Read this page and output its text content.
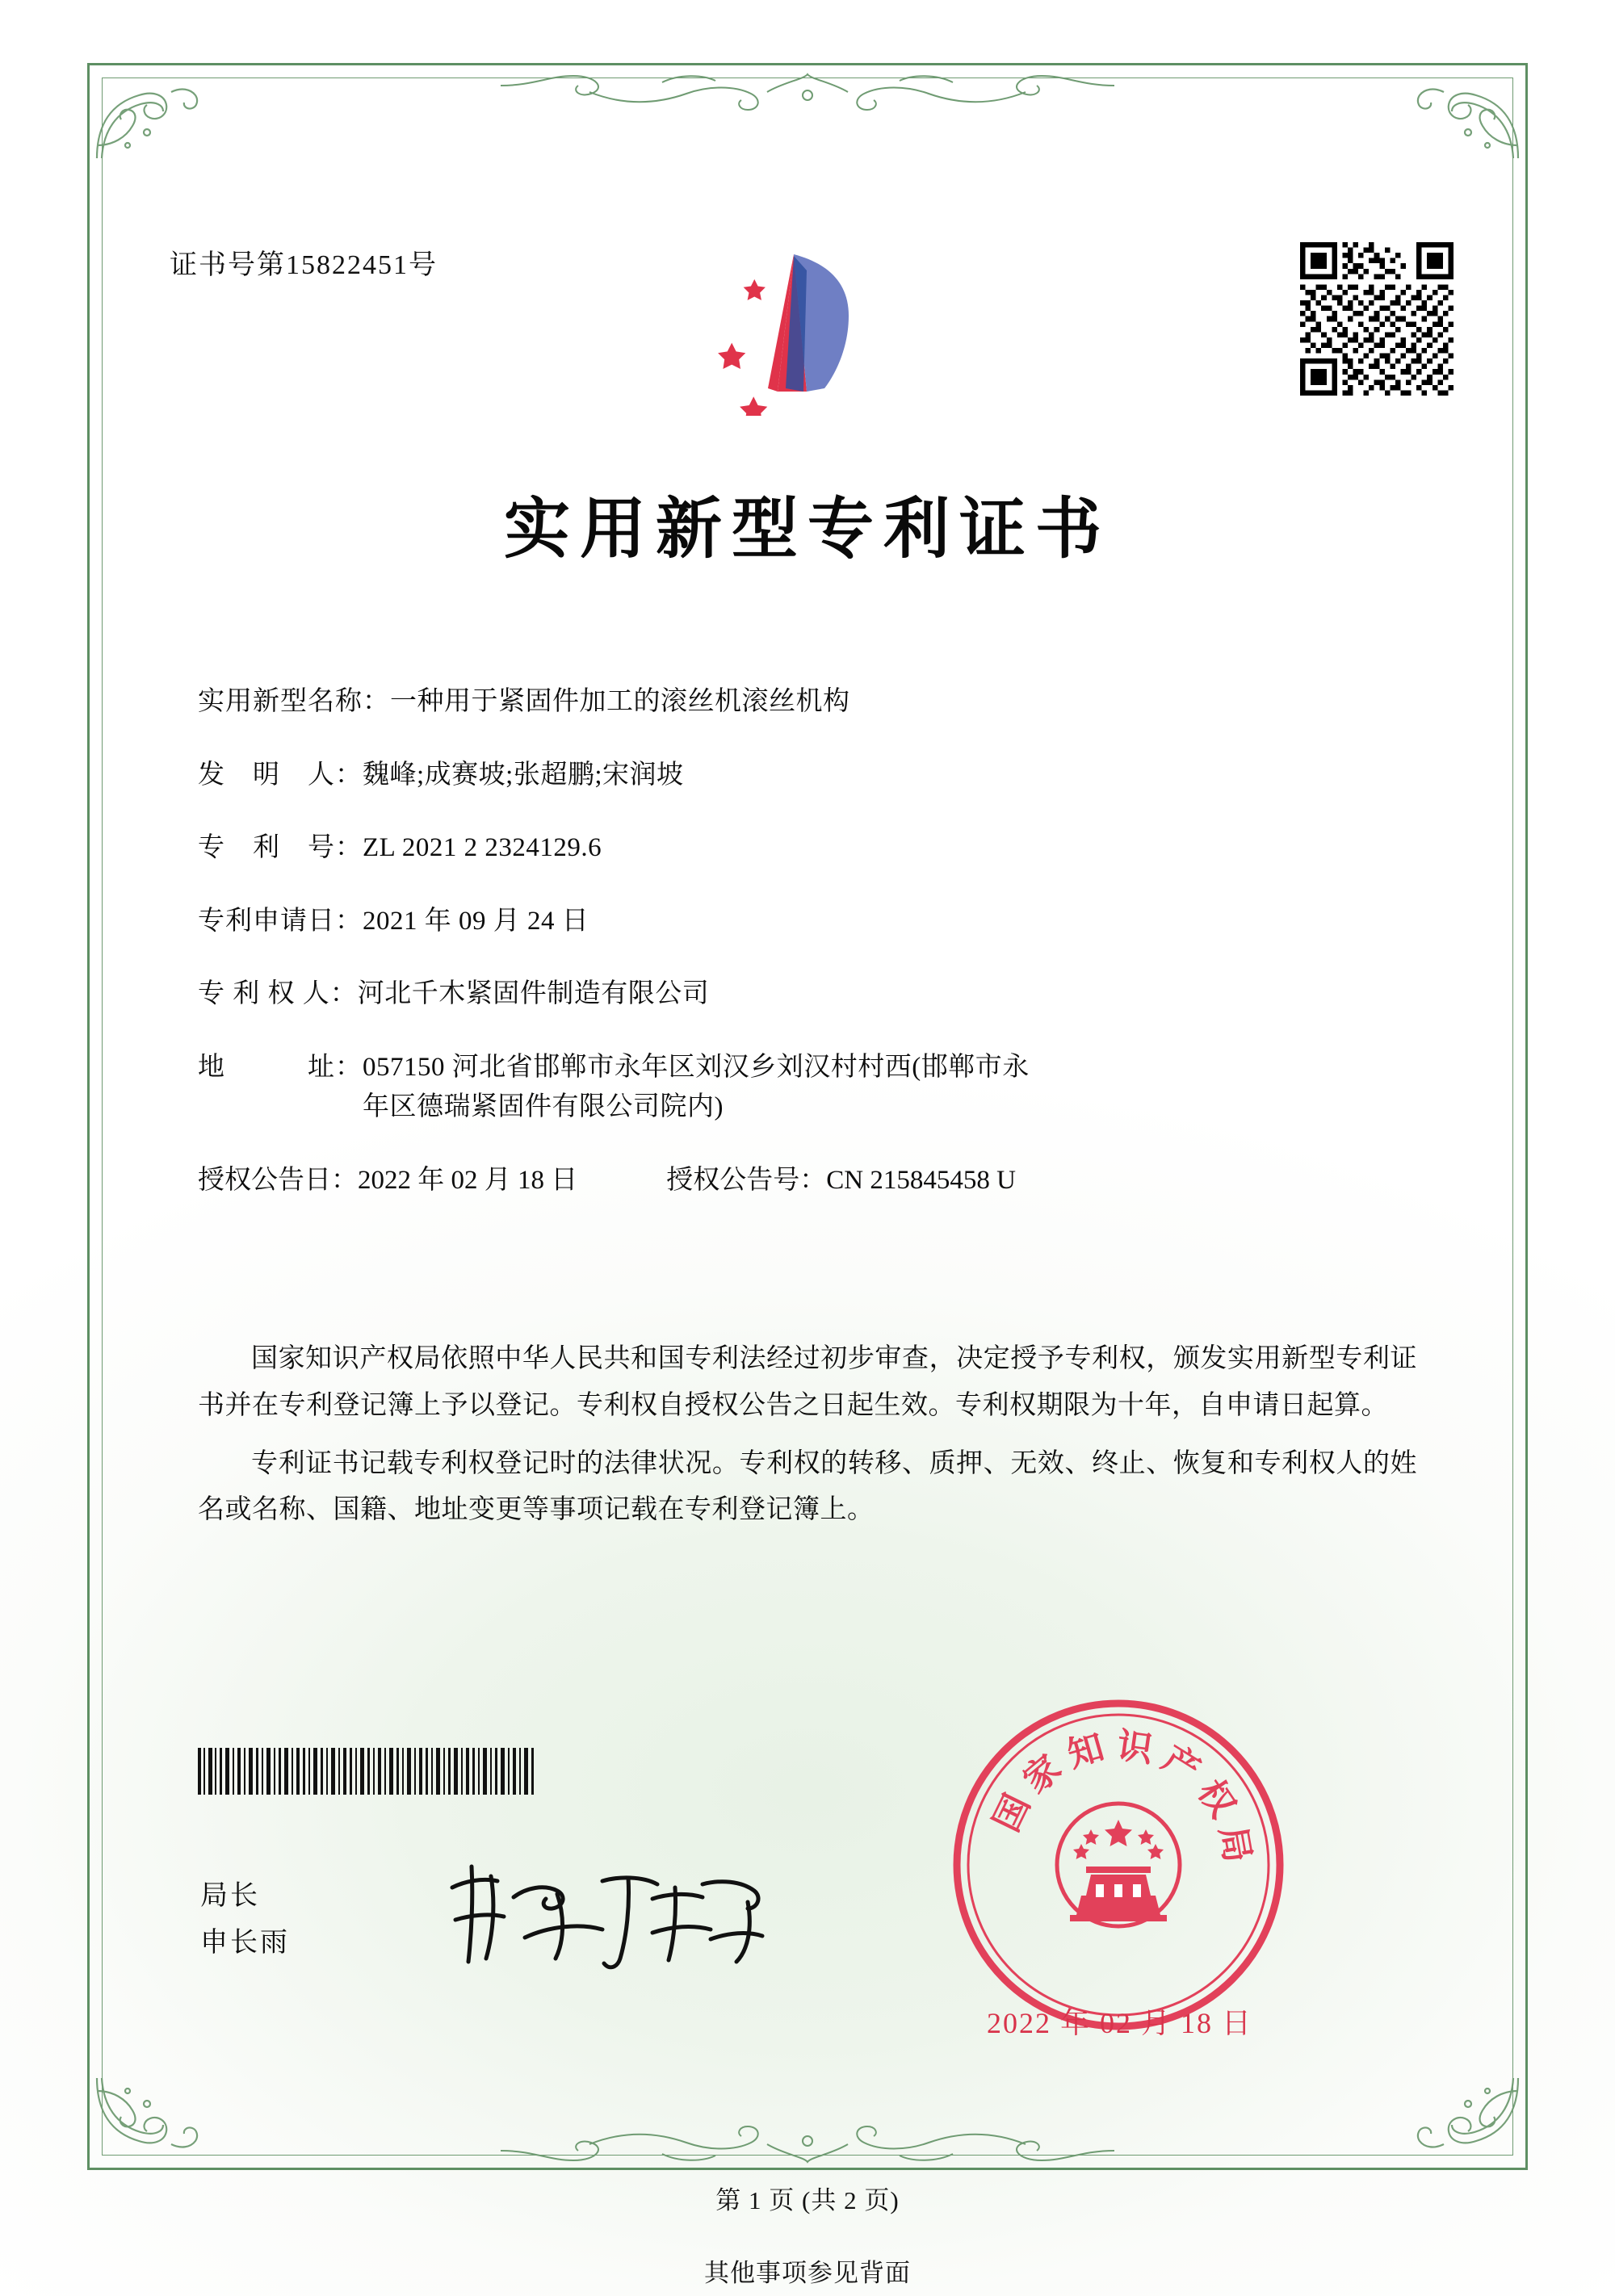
证书号第15822451号
实用新型专利证书
实用新型名称： 一种用于紧固件加工的滚丝机滚丝机构
发　明　人： 魏峰;成赛坡;张超鹏;宋润坡
专　利　号： ZL 2021 2 2324129.6
专利申请日： 2021 年 09 月 24 日
专 利 权 人： 河北千木紧固件制造有限公司
地　　　址： 057150 河北省邯郸市永年区刘汉乡刘汉村村西(邯郸市永
年区德瑞紧固件有限公司院内)
授权公告日： 2022 年 02 月 18 日	授权公告号： CN 215845458 U

国家知识产权局依照中华人民共和国专利法经过初步审查，决定授予专利权，颁发实用新型专利证书并在专利登记簿上予以登记。专利权自授权公告之日起生效。专利权期限为十年，自申请日起算。

专利证书记载专利权登记时的法律状况。专利权的转移、质押、无效、终止、恢复和专利权人的姓名或名称、国籍、地址变更等事项记载在专利登记簿上。

局长
申长雨
国
家
知 识 产
权
局
2022 年 02 月 18 日
第 1 页 (共 2 页)
其他事项参见背面
